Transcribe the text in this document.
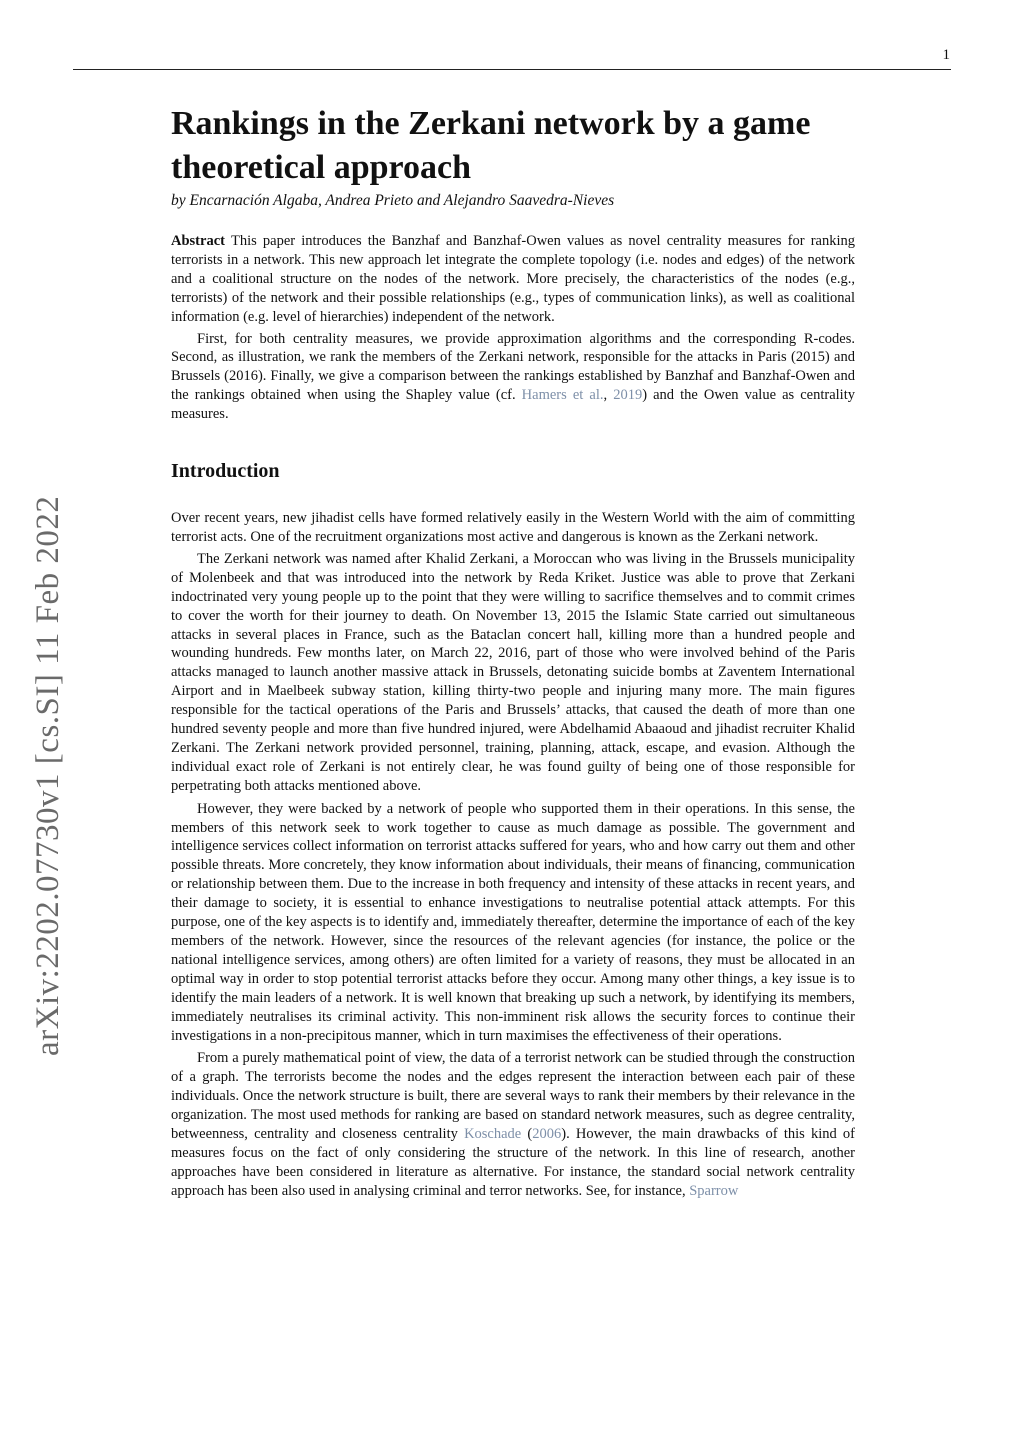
1
arXiv:2202.07730v1 [cs.SI] 11 Feb 2022
Rankings in the Zerkani network by a game theoretical approach

by Encarnación Algaba, Andrea Prieto and Alejandro Saavedra-Nieves

Abstract This paper introduces the Banzhaf and Banzhaf-Owen values as novel centrality measures for ranking terrorists in a network. This new approach let integrate the complete topology (i.e. nodes and edges) of the network and a coalitional structure on the nodes of the network. More precisely, the characteristics of the nodes (e.g., terrorists) of the network and their possible relationships (e.g., types of communication links), as well as coalitional information (e.g. level of hierarchies) independent of the network.

First, for both centrality measures, we provide approximation algorithms and the corresponding R-codes. Second, as illustration, we rank the members of the Zerkani network, responsible for the attacks in Paris (2015) and Brussels (2016). Finally, we give a comparison between the rankings established by Banzhaf and Banzhaf-Owen and the rankings obtained when using the Shapley value (cf. Hamers et al., 2019) and the Owen value as centrality measures.

Introduction

Over recent years, new jihadist cells have formed relatively easily in the Western World with the aim of committing terrorist acts. One of the recruitment organizations most active and dangerous is known as the Zerkani network.

The Zerkani network was named after Khalid Zerkani, a Moroccan who was living in the Brussels municipality of Molenbeek and that was introduced into the network by Reda Kriket. Justice was able to prove that Zerkani indoctrinated very young people up to the point that they were willing to sacrifice themselves and to commit crimes to cover the worth for their journey to death. On November 13, 2015 the Islamic State carried out simultaneous attacks in several places in France, such as the Bataclan concert hall, killing more than a hundred people and wounding hundreds. Few months later, on March 22, 2016, part of those who were involved behind of the Paris attacks managed to launch another massive attack in Brussels, detonating suicide bombs at Zaventem International Airport and in Maelbeek subway station, killing thirty-two people and injuring many more. The main figures responsible for the tactical operations of the Paris and Brussels’ attacks, that caused the death of more than one hundred seventy people and more than five hundred injured, were Abdelhamid Abaaoud and jihadist recruiter Khalid Zerkani. The Zerkani network provided personnel, training, planning, attack, escape, and evasion. Although the individual exact role of Zerkani is not entirely clear, he was found guilty of being one of those responsible for perpetrating both attacks mentioned above.

However, they were backed by a network of people who supported them in their operations. In this sense, the members of this network seek to work together to cause as much damage as possible. The government and intelligence services collect information on terrorist attacks suffered for years, who and how carry out them and other possible threats. More concretely, they know information about individuals, their means of financing, communication or relationship between them. Due to the increase in both frequency and intensity of these attacks in recent years, and their damage to society, it is essential to enhance investigations to neutralise potential attack attempts. For this purpose, one of the key aspects is to identify and, immediately thereafter, determine the importance of each of the key members of the network. However, since the resources of the relevant agencies (for instance, the police or the national intelligence services, among others) are often limited for a variety of reasons, they must be allocated in an optimal way in order to stop potential terrorist attacks before they occur. Among many other things, a key issue is to identify the main leaders of a network. It is well known that breaking up such a network, by identifying its members, immediately neutralises its criminal activity. This non-imminent risk allows the security forces to continue their investigations in a non-precipitous manner, which in turn maximises the effectiveness of their operations.

From a purely mathematical point of view, the data of a terrorist network can be studied through the construction of a graph. The terrorists become the nodes and the edges represent the interaction between each pair of these individuals. Once the network structure is built, there are several ways to rank their members by their relevance in the organization. The most used methods for ranking are based on standard network measures, such as degree centrality, betweenness, centrality and closeness centrality Koschade (2006). However, the main drawbacks of this kind of measures focus on the fact of only considering the structure of the network. In this line of research, another approaches have been considered in literature as alternative. For instance, the standard social network centrality approach has been also used in analysing criminal and terror networks. See, for instance, Sparrow
